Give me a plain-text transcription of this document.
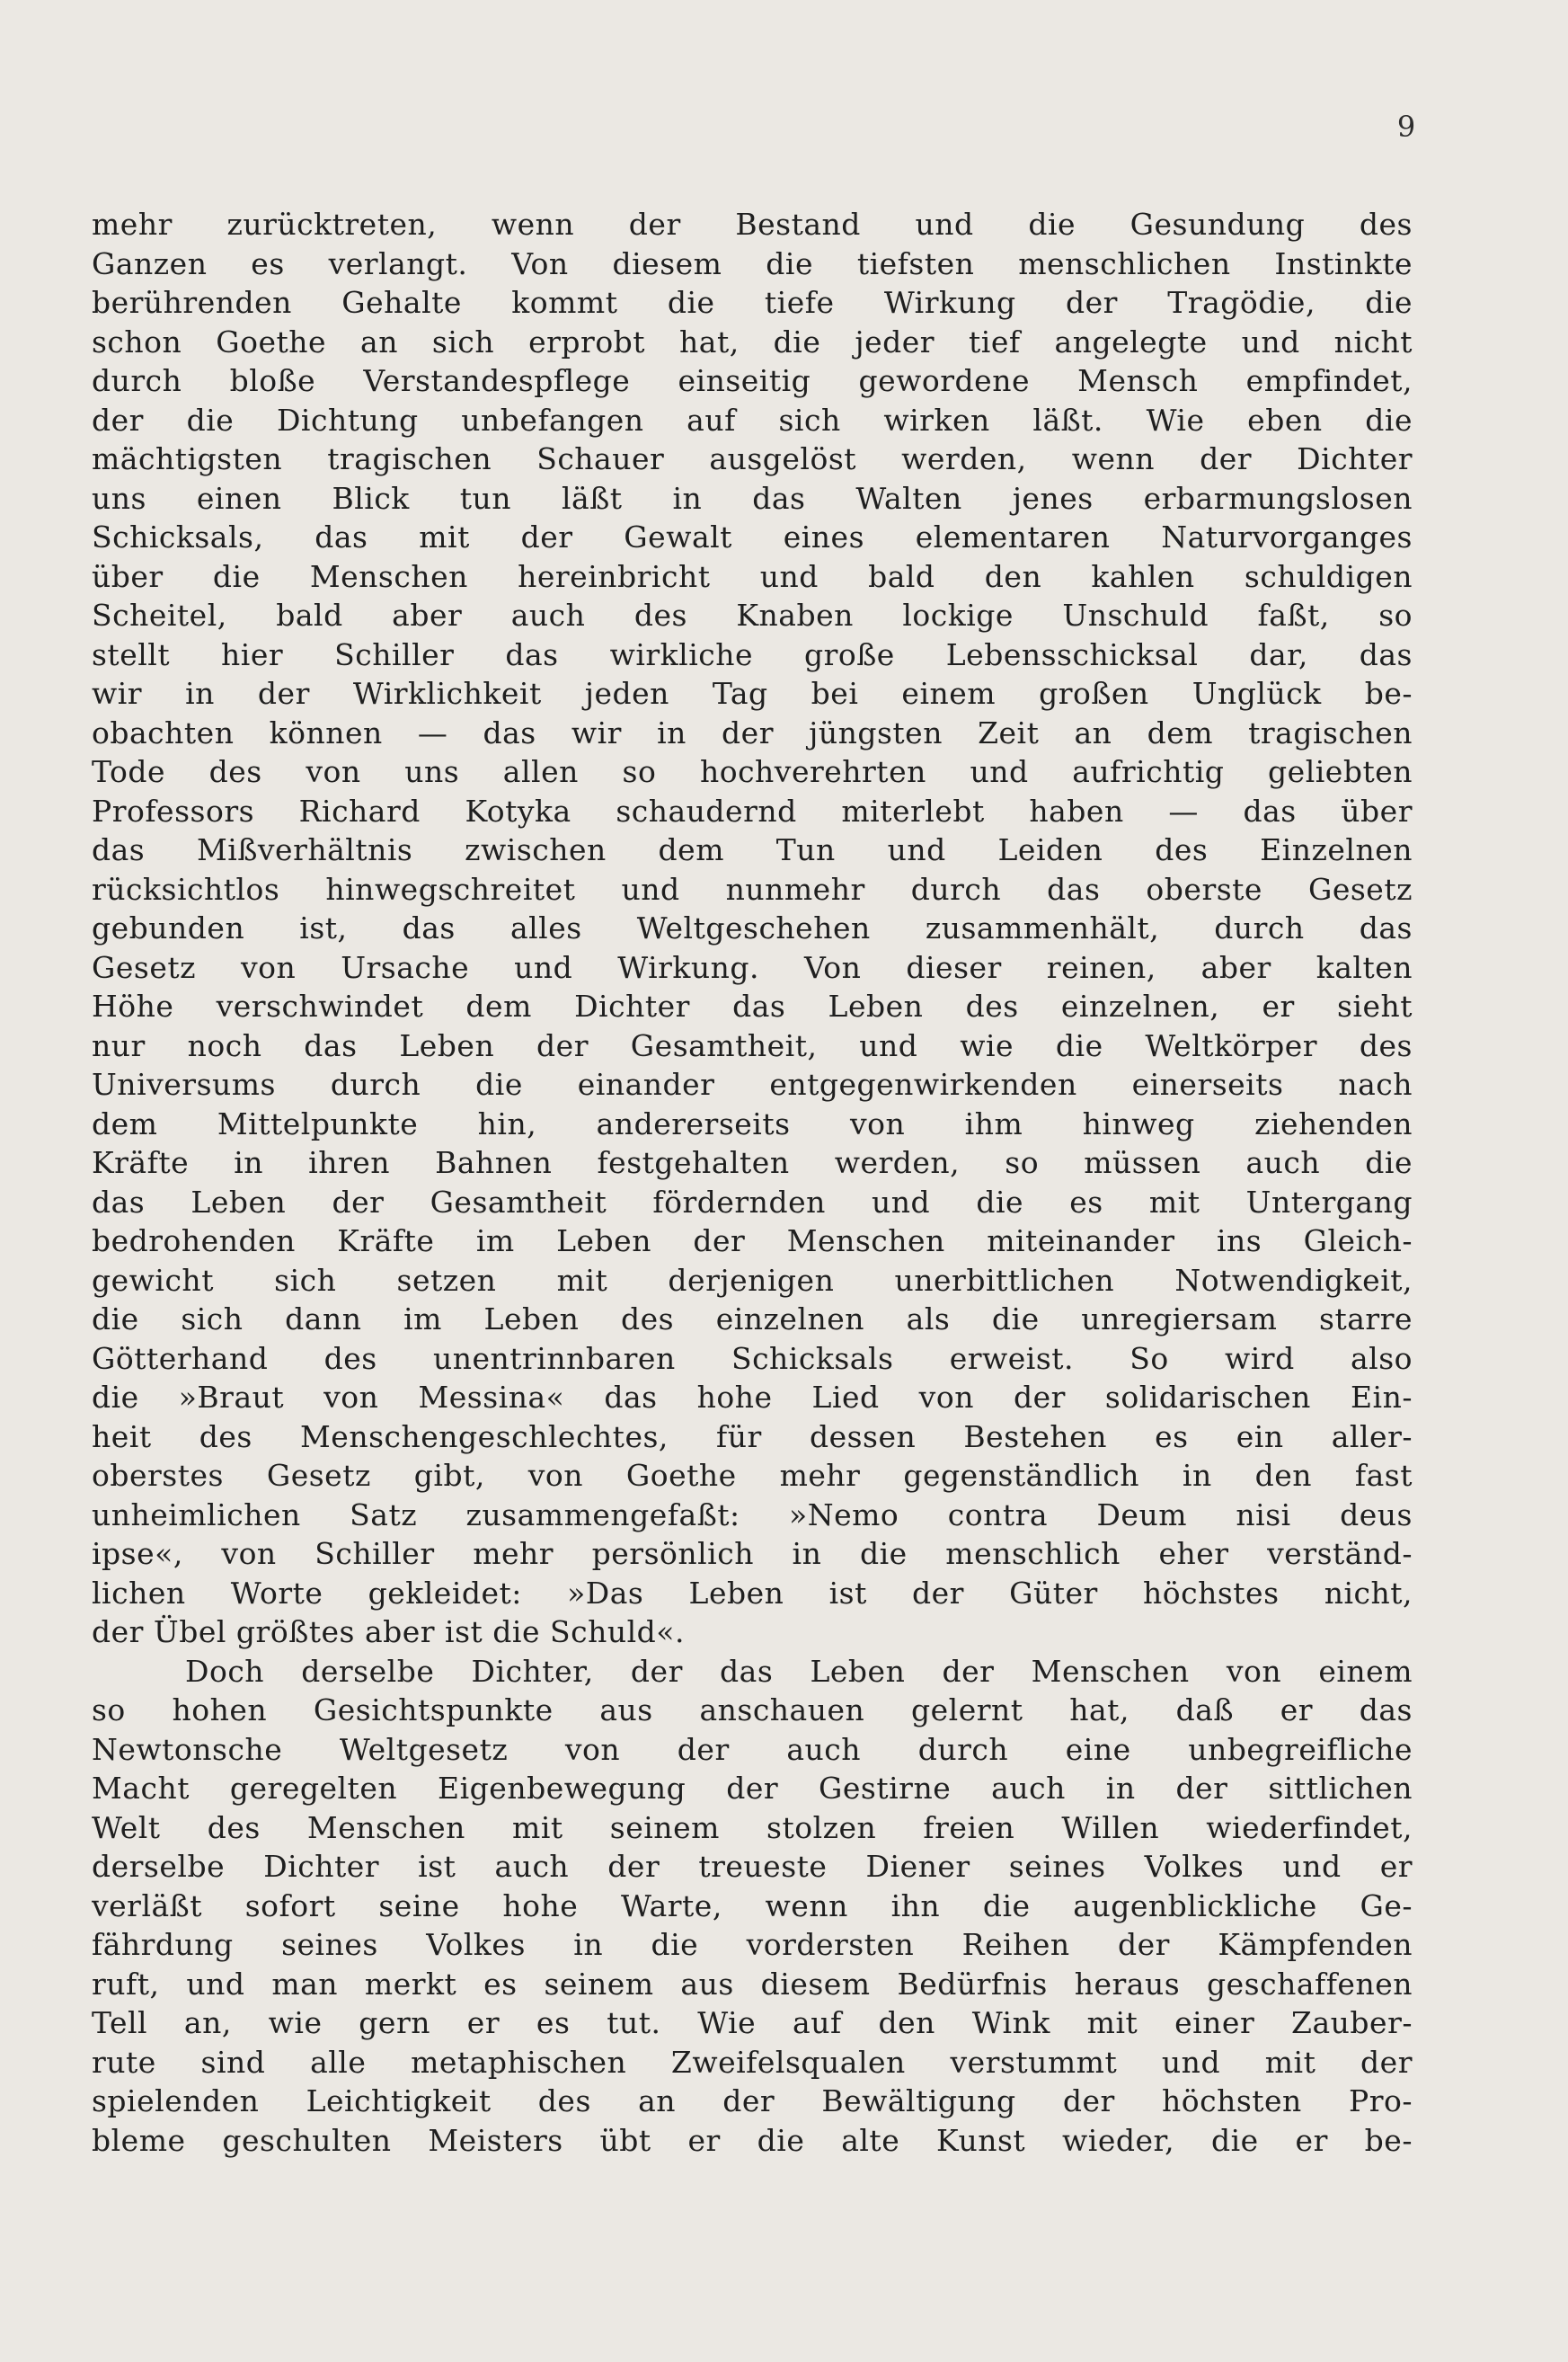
9
mehr zurücktreten, wenn der Bestand und die Gesundung des
Ganzen es verlangt. Von diesem die tiefsten menschlichen Instinkte
berührenden Gehalte kommt die tiefe Wirkung der Tragödie, die
schon Goethe an sich erprobt hat, die jeder tief angelegte und nicht
durch bloße Verstandespflege einseitig gewordene Mensch empfindet,
der die Dichtung unbefangen auf sich wirken läßt. Wie eben die
mächtigsten tragischen Schauer ausgelöst werden, wenn der Dichter
uns einen Blick tun läßt in das Walten jenes erbarmungslosen
Schicksals, das mit der Gewalt eines elementaren Naturvorganges
über die Menschen hereinbricht und bald den kahlen schuldigen
Scheitel, bald aber auch des Knaben lockige Unschuld faßt, so
stellt hier Schiller das wirkliche große Lebensschicksal dar, das
wir in der Wirklichkeit jeden Tag bei einem großen Unglück be-
obachten können — das wir in der jüngsten Zeit an dem tragischen
Tode des von uns allen so hochverehrten und aufrichtig geliebten
Professors Richard Kotyka schaudernd miterlebt haben — das über
das Mißverhältnis zwischen dem Tun und Leiden des Einzelnen
rücksichtlos hinwegschreitet und nunmehr durch das oberste Gesetz
gebunden ist, das alles Weltgeschehen zusammenhält, durch das
Gesetz von Ursache und Wirkung. Von dieser reinen, aber kalten
Höhe verschwindet dem Dichter das Leben des einzelnen, er sieht
nur noch das Leben der Gesamtheit, und wie die Weltkörper des
Universums durch die einander entgegenwirkenden einerseits nach
dem Mittelpunkte hin, andererseits von ihm hinweg ziehenden
Kräfte in ihren Bahnen festgehalten werden, so müssen auch die
das Leben der Gesamtheit fördernden und die es mit Untergang
bedrohenden Kräfte im Leben der Menschen miteinander ins Gleich-
gewicht sich setzen mit derjenigen unerbittlichen Notwendigkeit,
die sich dann im Leben des einzelnen als die unregiersam starre
Götterhand des unentrinnbaren Schicksals erweist. So wird also
die »Braut von Messina« das hohe Lied von der solidarischen Ein-
heit des Menschengeschlechtes, für dessen Bestehen es ein aller-
oberstes Gesetz gibt, von Goethe mehr gegenständlich in den fast
unheimlichen Satz zusammengefaßt: »Nemo contra Deum nisi deus
ipse«, von Schiller mehr persönlich in die menschlich eher verständ-
lichen Worte gekleidet: »Das Leben ist der Güter höchstes nicht,
der Übel größtes aber ist die Schuld«.
Doch derselbe Dichter, der das Leben der Menschen von einem
so hohen Gesichtspunkte aus anschauen gelernt hat, daß er das
Newtonsche Weltgesetz von der auch durch eine unbegreifliche
Macht geregelten Eigenbewegung der Gestirne auch in der sittlichen
Welt des Menschen mit seinem stolzen freien Willen wiederfindet,
derselbe Dichter ist auch der treueste Diener seines Volkes und er
verläßt sofort seine hohe Warte, wenn ihn die augenblickliche Ge-
fährdung seines Volkes in die vordersten Reihen der Kämpfenden
ruft, und man merkt es seinem aus diesem Bedürfnis heraus geschaffenen
Tell an, wie gern er es tut. Wie auf den Wink mit einer Zauber-
rute sind alle metaphischen Zweifelsqualen verstummt und mit der
spielenden Leichtigkeit des an der Bewältigung der höchsten Pro-
bleme geschulten Meisters übt er die alte Kunst wieder, die er be-
